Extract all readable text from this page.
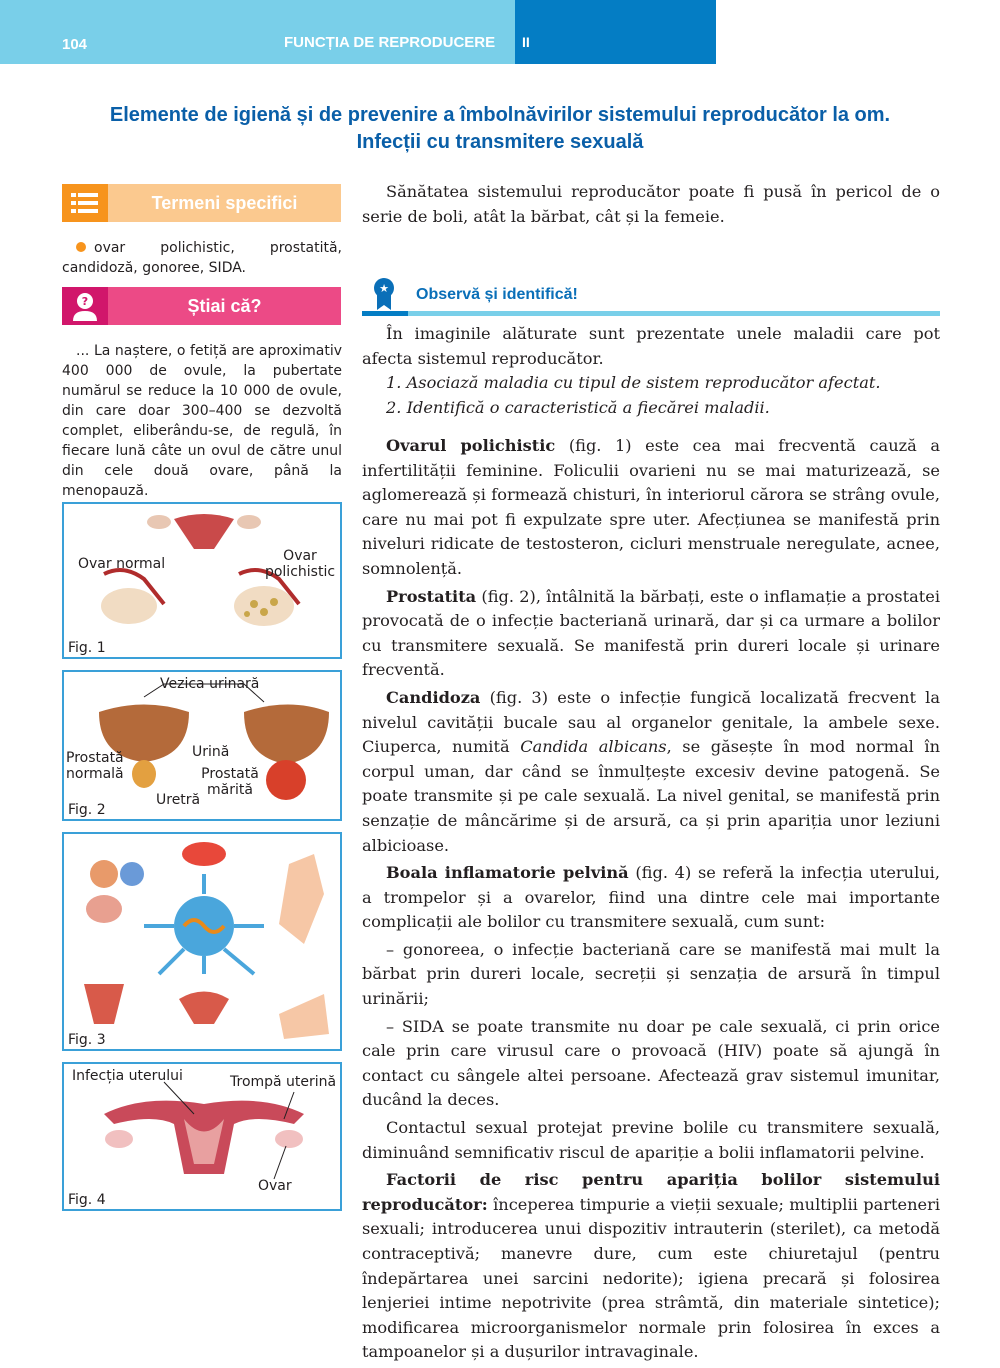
104	FUNCȚIA DE REPRODUCERE II
Elemente de igienă și de prevenire a îmbolnăvirilor sistemului reproducător la om.
Infecții cu transmitere sexuală
Termeni specifici
ovar polichistic, prostatită, candidoză, gonoree, SIDA.
?	Știai că?
... La naștere, o fetiță are aproximativ 400 000 de ovule, la pubertate numărul se reduce la 10 000 de ovule, din care doar 300–400 se dezvoltă complet, eliberându-se, de regulă, în fiecare lună câte un ovul de către unul din cele două ovare, până la menopauză.
Ovar normal	Ovar polichistic
Fig. 1
Vezica urinară
Urină
Prostată normală	Prostată mărită
Uretră
Fig. 2
Fig. 3
Infecția uterului	Trompă uterină
Ovar
Fig. 4

Sănătatea sistemului reproducător poate fi pusă în pericol de o serie de boli, atât la bărbat, cât și la femeie.

★ Observă și identifică!

În imaginile alăturate sunt prezentate unele maladii care pot afecta sistemul reproducător.

1. Asociază maladia cu tipul de sistem reproducător afectat.

2. Identifică o caracteristică a fiecărei maladii.

Ovarul polichistic (fig. 1) este cea mai frecventă cauză a infertilității feminine. Foliculii ovarieni nu se mai maturizează, se aglomerează și formează chisturi, în interiorul cărora se strâng ovule, care nu mai pot fi expulzate spre uter. Afecțiunea se manifestă prin niveluri ridicate de testosteron, cicluri menstruale neregulate, acnee, somnolență.

Prostatita (fig. 2), întâlnită la bărbați, este o inflamație a prostatei provocată de o infecție bacteriană urinară, dar și ca urmare a bolilor cu transmitere sexuală. Se manifestă prin dureri locale și urinare frecventă.

Candidoza (fig. 3) este o infecție fungică localizată frecvent la nivelul cavității bucale sau al organelor genitale, la ambele sexe. Ciuperca, numită Candida albicans, se găsește în mod normal în corpul uman, dar când se înmulțește excesiv devine patogenă. Se poate transmite și pe cale sexuală. La nivel genital, se manifestă prin senzație de mâncărime și de arsură, ca și prin apariția unor leziuni albicioase.

Boala inflamatorie pelvină (fig. 4) se referă la infecția uterului, a trompelor și a ovarelor, fiind una dintre cele mai importante complicații ale bolilor cu transmitere sexuală, cum sunt:

– gonoreea, o infecție bacteriană care se manifestă mai mult la bărbat prin dureri locale, secreții și senzația de arsură în timpul urinării;

– SIDA se poate transmite nu doar pe cale sexuală, ci prin orice cale prin care virusul care o provoacă (HIV) poate să ajungă în contact cu sângele altei persoane. Afectează grav sistemul imunitar, ducând la deces.

Contactul sexual protejat previne bolile cu transmitere sexuală, diminuând semnificativ riscul de apariție a bolii inflamatorii pelvine.

Factorii de risc pentru apariția bolilor sistemului reproducător: începerea timpurie a vieții sexuale; multiplii parteneri sexuali; introducerea unui dispozitiv intrauterin (sterilet), ca metodă contraceptivă; manevre dure, cum este chiuretajul (pentru îndepărtarea unei sarcini nedorite); igiena precară și folosirea lenjeriei intime nepotrivite (prea strâmtă, din materiale sintetice); modificarea microorganismelor normale prin folosirea în exces a tampoanelor și a dușurilor intravaginale.
